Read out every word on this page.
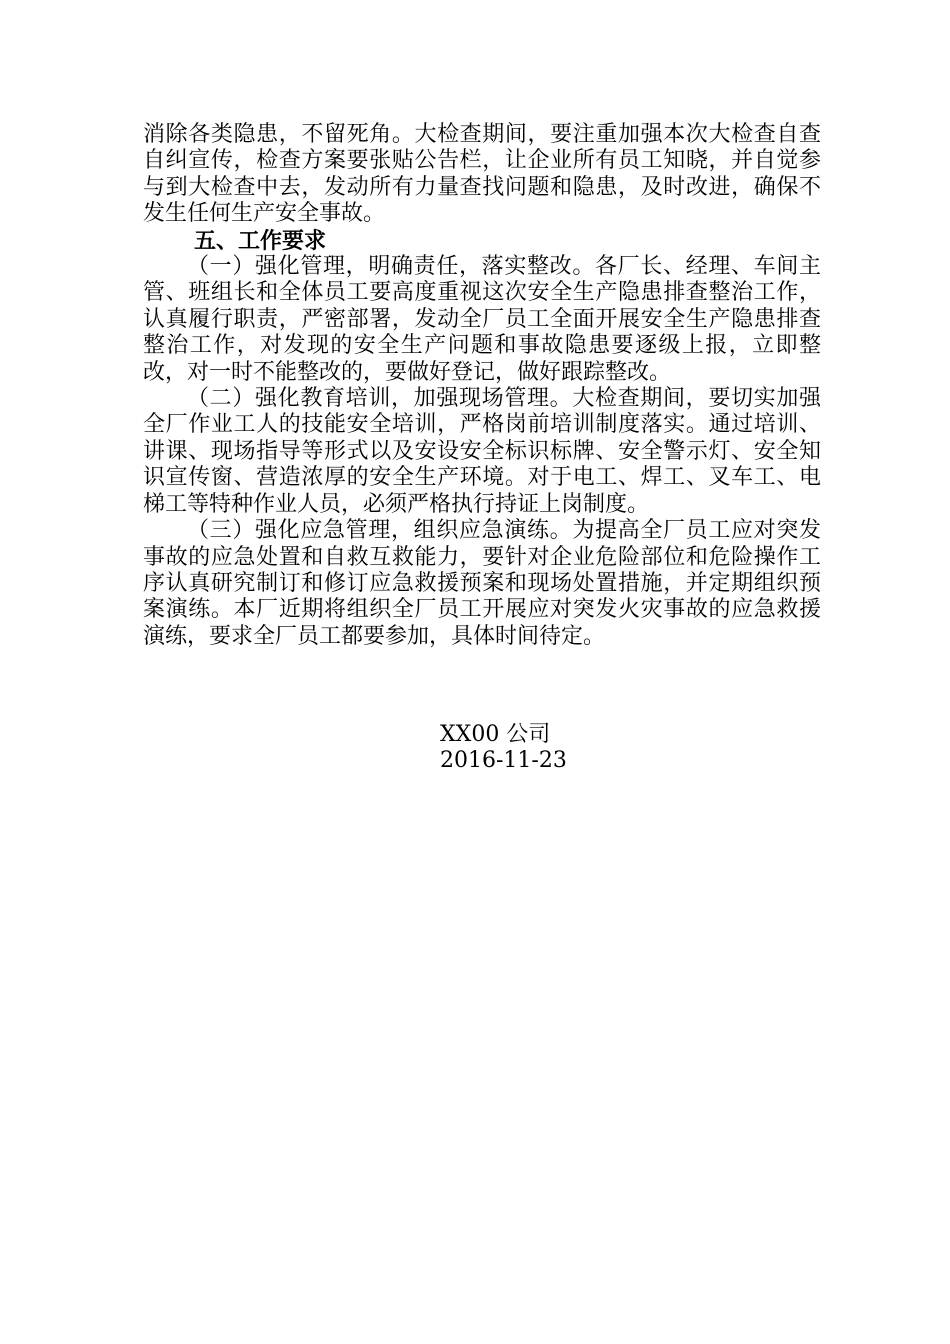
消除各类隐患，不留死角。大检查期间，要注重加强本次大检查自查自纠宣传，检查方案要张贴公告栏，让企业所有员工知晓，并自觉参与到大检查中去，发动所有力量查找问题和隐患，及时改进，确保不发生任何生产安全事故。

五、工作要求

（一）强化管理，明确责任，落实整改。各厂长、经理、车间主管、班组长和全体员工要高度重视这次安全生产隐患排查整治工作，认真履行职责，严密部署，发动全厂员工全面开展安全生产隐患排查整治工作，对发现的安全生产问题和事故隐患要逐级上报，立即整改，对一时不能整改的，要做好登记，做好跟踪整改。

（二）强化教育培训，加强现场管理。大检查期间，要切实加强全厂作业工人的技能安全培训，严格岗前培训制度落实。通过培训、讲课、现场指导等形式以及安设安全标识标牌、安全警示灯、安全知识宣传窗、营造浓厚的安全生产环境。对于电工、焊工、叉车工、电梯工等特种作业人员，必须严格执行持证上岗制度。

（三）强化应急管理，组织应急演练。为提高全厂员工应对突发事故的应急处置和自救互救能力，要针对企业危险部位和危险操作工序认真研究制订和修订应急救援预案和现场处置措施，并定期组织预案演练。本厂近期将组织全厂员工开展应对突发火灾事故的应急救援演练，要求全厂员工都要参加，具体时间待定。

XX00 公司
2016-11-23
